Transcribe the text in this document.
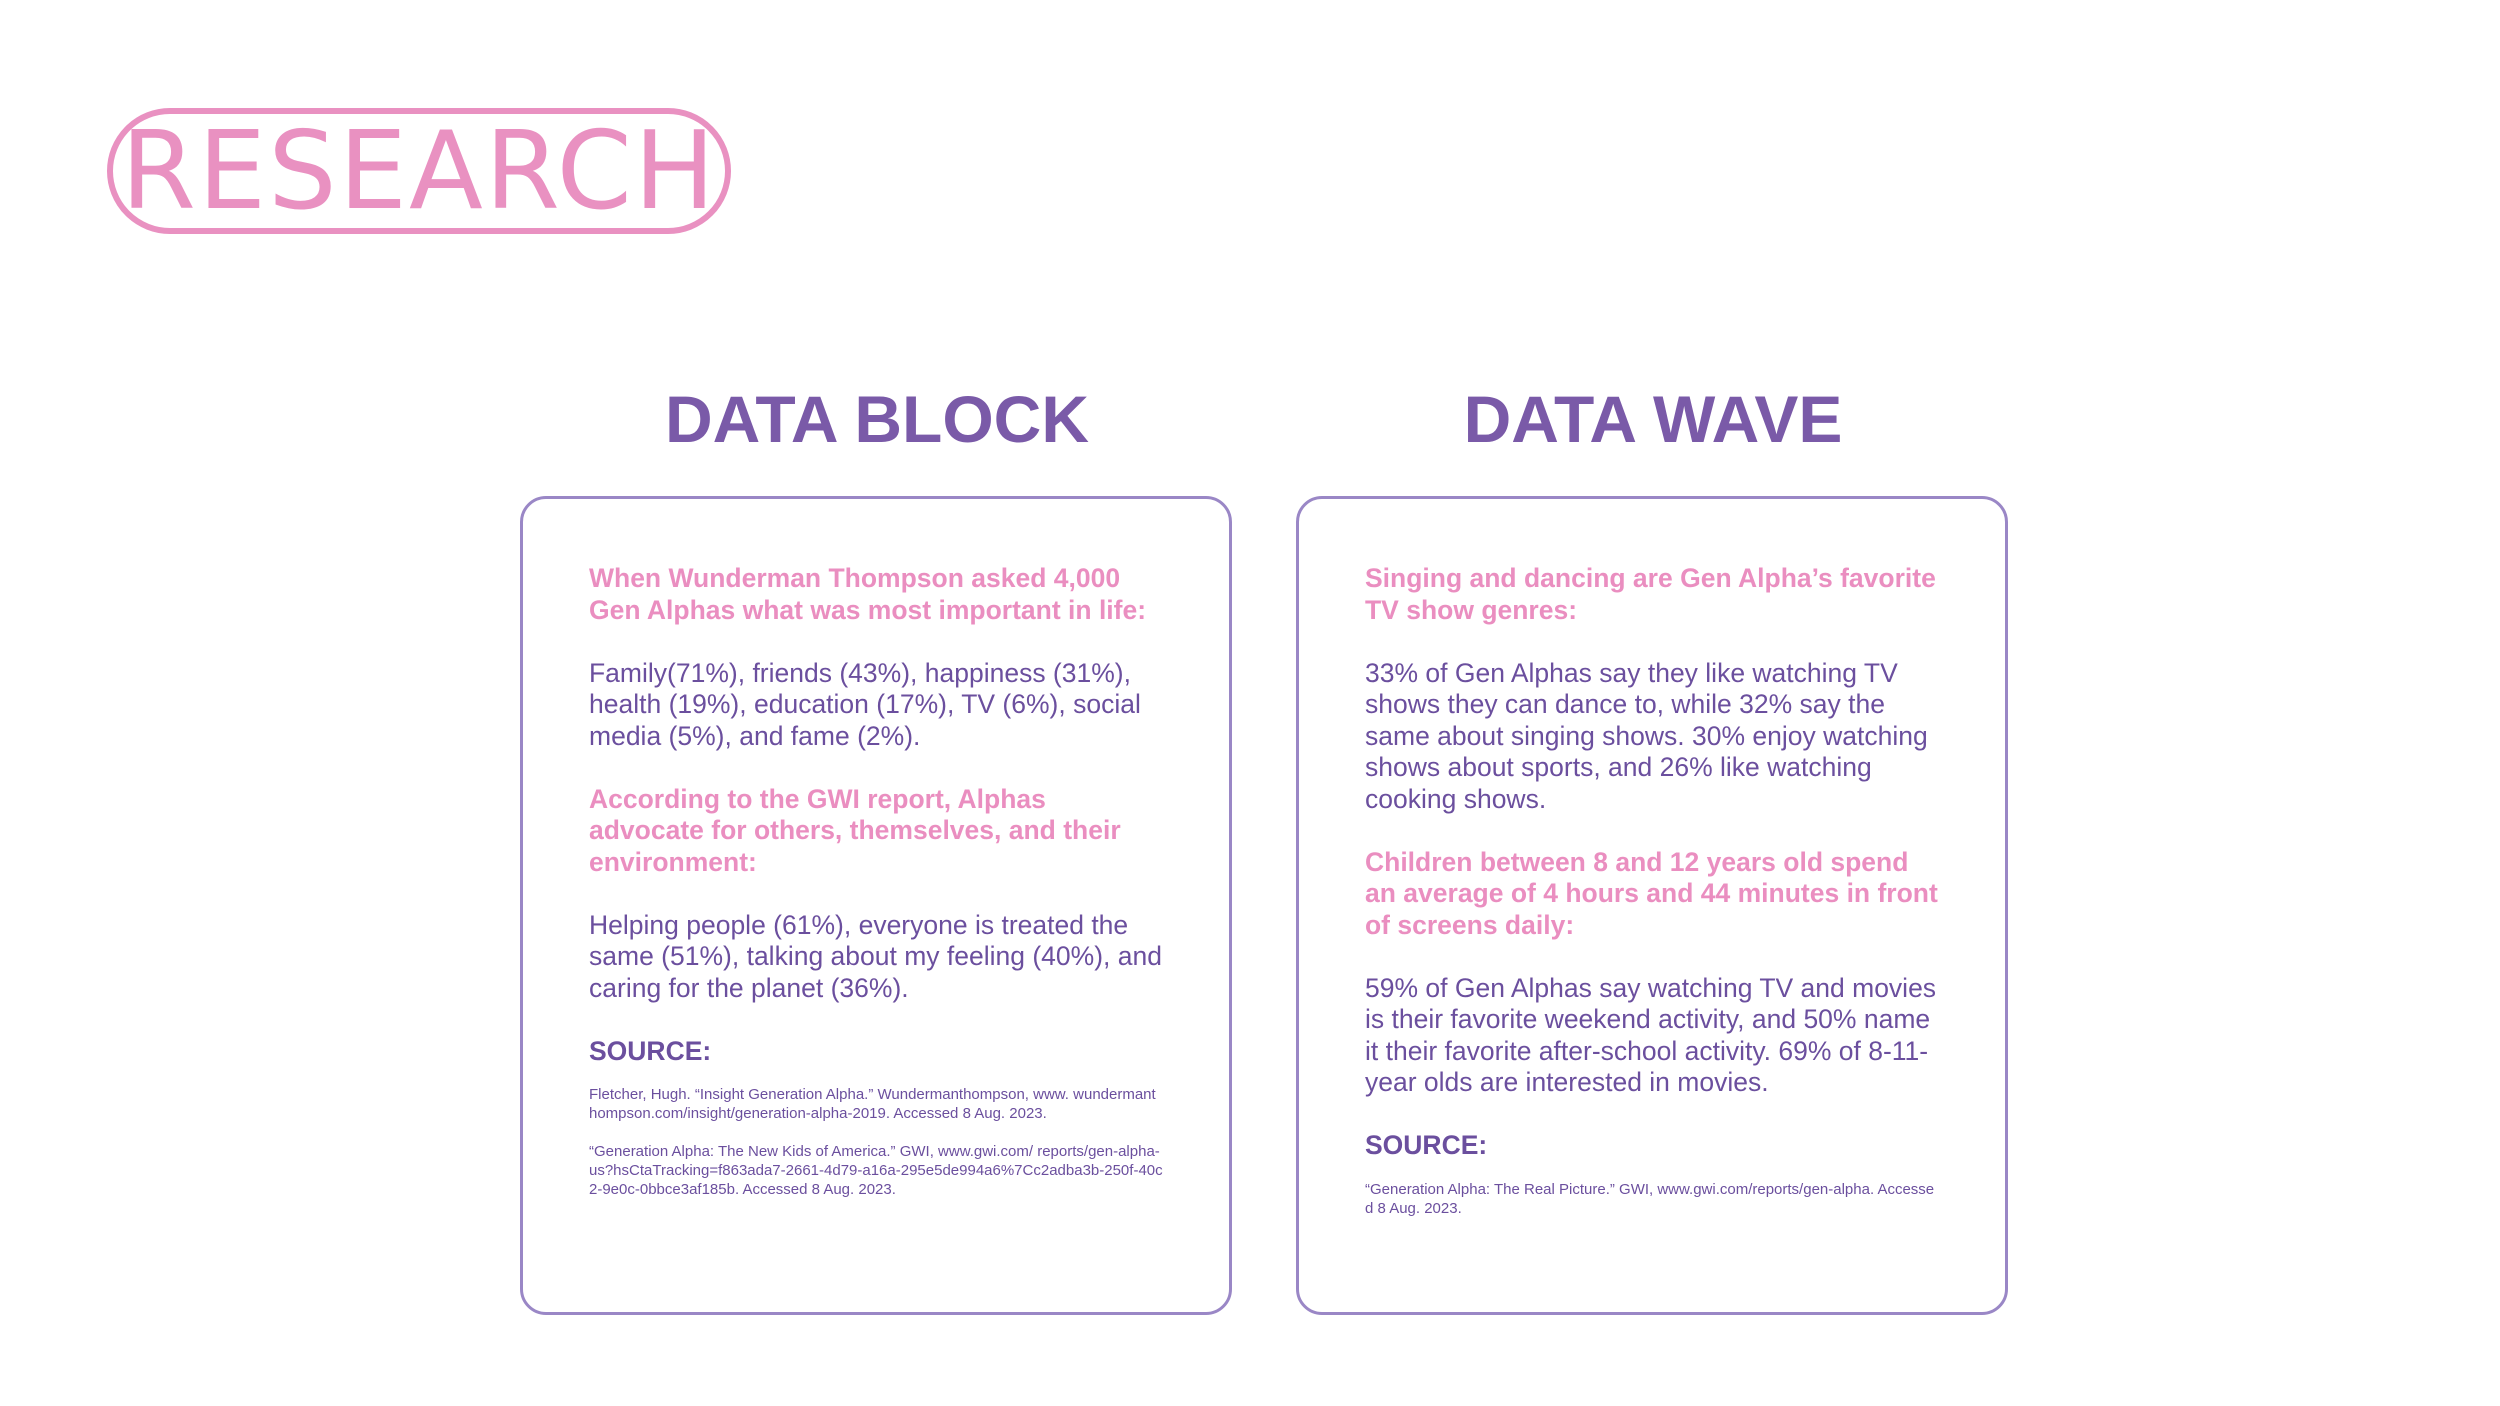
RESEARCH
DATA BLOCK	DATA WAVE

When Wunderman Thompson asked 4,000 Gen Alphas what was most important in life:

Family(71%), friends (43%), happiness (31%), health (19%), education (17%), TV (6%), social media (5%), and fame (2%).

According to the GWI report, Alphas advocate for others, themselves, and their environment:

Helping people (61%), everyone is treated the same (51%), talking about my feeling (40%), and caring for the planet (36%).

SOURCE:

Fletcher, Hugh. “Insight Generation Alpha.” Wundermanthompson, www. wundermanthompson.com/insight/generation-alpha-2019. Accessed 8 Aug. 2023.

“Generation Alpha: The New Kids of America.” GWI, www.gwi.com/ reports/gen-alpha-us?hsCtaTracking=f863ada7-2661-4d79-a16a-295e5de994a6%7Cc2adba3b-250f-40c2-9e0c-0bbce3af185b. Accessed 8 Aug. 2023.

Singing and dancing are Gen Alpha’s favorite TV show genres:

33% of Gen Alphas say they like watching TV shows they can dance to, while 32% say the same about singing shows. 30% enjoy watching shows about sports, and 26% like watching cooking shows.

Children between 8 and 12 years old spend an average of 4 hours and 44 minutes in front of screens daily:

59% of Gen Alphas say watching TV and movies is their favorite weekend activity, and 50% name it their favorite after-school activity. 69% of 8-11-year olds are interested in movies.

SOURCE:

“Generation Alpha: The Real Picture.” GWI, www.gwi.com/reports/gen-alpha. Accessed 8 Aug. 2023.
